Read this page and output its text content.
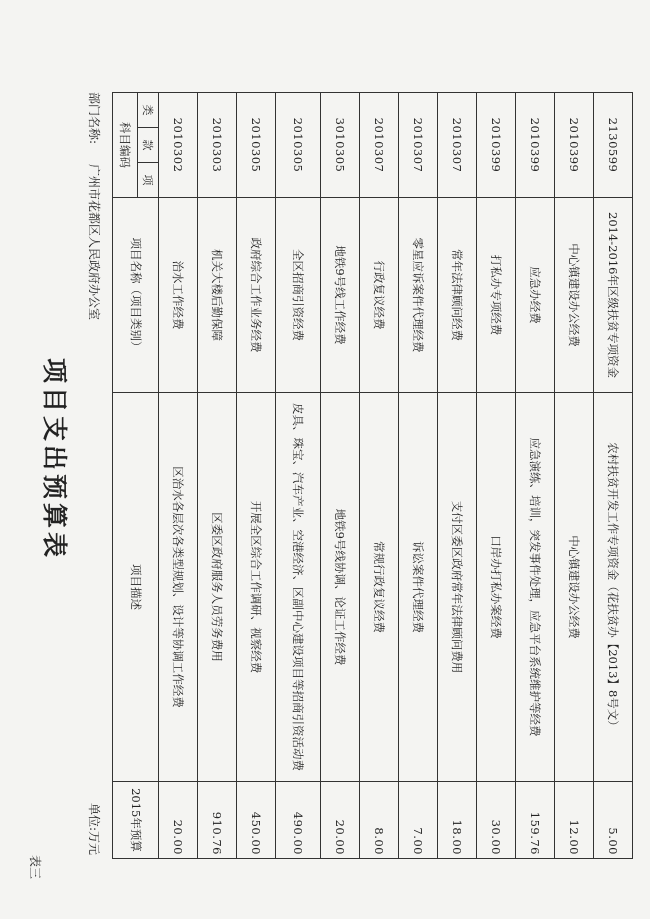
项目支出预算表
表三
部门名称:广州市花都区人民政府办公室
单位:万元
科目编码			项目名称（项目类别）	项目描述	2015年预算
类	款	项			
2010302			治水工作经费	区治水各层次各类型规划、设计等协调工作经费	20.00
2010303			机关大楼后勤保障	区委区政府服务人员劳务费用	910.76
2010305			政府综合工作业务经费	开展全区综合工作调研、视察经费	450.00
2010305			全区招商引资经费	皮具、珠宝、汽车产业、空港经济、区副中心建设项目等招商引资活动费	490.00
3010305			地铁9号线工作经费	地铁9号线协调、论证工作经费	20.00
2010307			行政复议经费	常规行政复议经费	8.00
2010307			零星应诉案件代理经费	诉讼案件代理经费	7.00
2010307			常年法律顾问经费	支付区委区政府常年法律顾问费用	18.00
2010399			打私办专项经费	口岸办打私办案经费	30.00
2010399			应急办经费	应急演练、培训，突发事件处理，应急平台系统维护等经费	159.76
2010399			中心镇建设办公经费	中心镇建设办公经费	12.00
2130599			2014-2016年区级扶贫专项资金	农村扶贫开发工作专项资金（花扶贫办【2013】8号文）	5.00
